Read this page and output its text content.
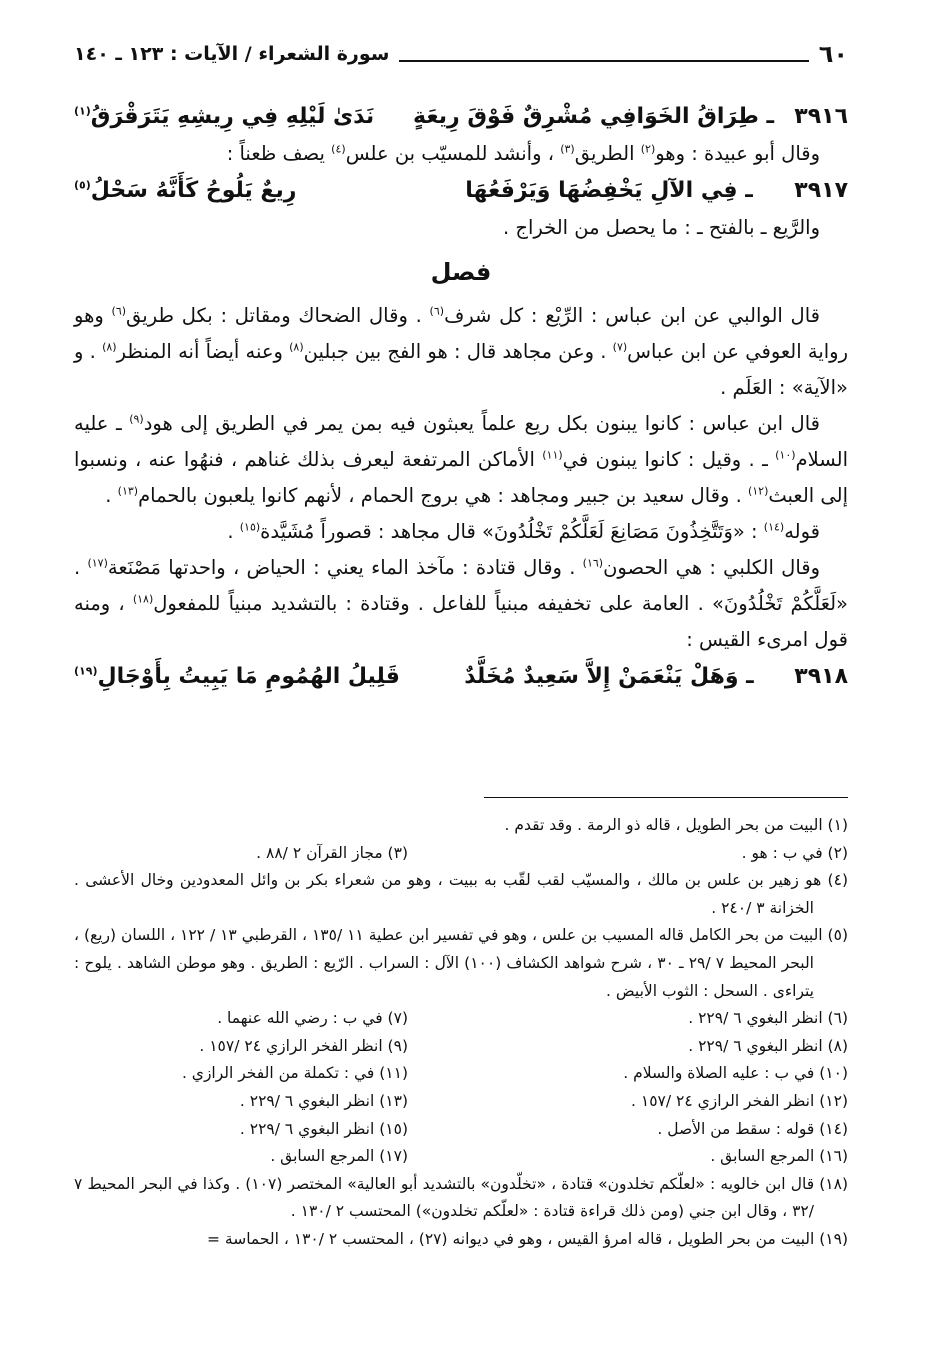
٦٠
سورة الشعراء / الآيات : ١٢٣ ـ ١٤٠
٣٩١٦
ـ طِرَاقُ الخَوَافِي مُشْرِقٌ فَوْقَ رِيعَةٍ
نَدَىٰ لَيْلِهِ فِي رِيشِهِ يَتَرَقْرَقُ$^{(١)}$

وقال أبو عبيدة : وهو$^{(٢)}$ الطريق$^{(٣)}$ ، وأنشد للمسيّب بن علس$^{(٤)}$ يصف ظعناً :

٣٩١٧
ـ فِي الآلِ يَخْفِضُهَا وَيَرْفَعُهَا
رِيعٌ يَلُوحُ كَأَنَّهُ سَحْلُ$^{(٥)}$

والرَّيع ـ بالفتح ـ : ما يحصل من الخراج .

فصل

قال الوالبي عن ابن عباس : الرِّيْع : كل شرف$^{(٦)}$ . وقال الضحاك ومقاتل : بكل طريق$^{(٦)}$ وهو رواية العوفي عن ابن عباس$^{(٧)}$ . وعن مجاهد قال : هو الفج بين جبلين$^{(٨)}$ وعنه أيضاً أنه المنظر$^{(٨)}$ . و «الآية» : العَلَم .

قال ابن عباس : كانوا يبنون بكل ريع علماً يعبثون فيه بمن يمر في الطريق إلى هود$^{(٩)}$ ـ عليه السلام$^{(١٠)}$ ـ . وقيل : كانوا يبنون في$^{(١١)}$ الأماكن المرتفعة ليعرف بذلك غناهم ، فنهُوا عنه ، ونسبوا إلى العبث$^{(١٢)}$ . وقال سعيد بن جبير ومجاهد : هي بروج الحمام ، لأنهم كانوا يلعبون بالحمام$^{(١٣)}$ .

قوله$^{(١٤)}$ : «وَتَتَّخِذُونَ مَصَانِعَ لَعَلَّكُمْ تَخْلُدُونَ» قال مجاهد : قصوراً مُشَيَّدة$^{(١٥)}$ .

وقال الكلبي : هي الحصون$^{(١٦)}$ . وقال قتادة : مآخذ الماء يعني : الحياض ، واحدتها مَصْنَعة$^{(١٧)}$ . «لَعَلَّكُمْ تَخْلُدُونَ» . العامة على تخفيفه مبنياً للفاعل . وقتادة : بالتشديد مبنياً للمفعول$^{(١٨)}$ ، ومنه قول امرىء القيس :

٣٩١٨
ـ وَهَلْ يَنْعَمَنْ إِلاَّ سَعِيدٌ مُخَلَّدٌ
قَلِيلُ الهُمُومِ مَا يَبِيتُ بِأَوْجَالِ$^{(١٩)}$

(١) البيت من بحر الطويل ، قاله ذو الرمة . وقد تقدم .

(٢) في ب : هو .
(٣) مجاز القرآن ٢ /٨٨ .

(٤) هو زهير بن علس بن مالك ، والمسيّب لقب لقّب به ببيت ، وهو من شعراء بكر بن وائل المعدودين وخال الأعشى . الخزانة ٣ /٢٤٠ .

(٥) البيت من بحر الكامل قاله المسيب بن علس ، وهو في تفسير ابن عطية ١١ /١٣٥ ، القرطبي ١٣ / ١٢٢ ، اللسان (ريع) ، البحر المحيط ٧ /٢٩ ـ ٣٠ ، شرح شواهد الكشاف (١٠٠) الآل : السراب . الرّيع : الطريق . وهو موطن الشاهد . يلوح : يتراءى . السحل : الثوب الأبيض .

(٦) انظر البغوي ٦ /٢٢٩ .
(٧) في ب : رضي الله عنهما .
(٨) انظر البغوي ٦ /٢٢٩ .
(٩) انظر الفخر الرازي ٢٤ /١٥٧ .
(١٠) في ب : عليه الصلاة والسلام .
(١١) في : تكملة من الفخر الرازي .
(١٢) انظر الفخر الرازي ٢٤ /١٥٧ .
(١٣) انظر البغوي ٦ /٢٢٩ .
(١٤) قوله : سقط من الأصل .
(١٥) انظر البغوي ٦ /٢٢٩ .
(١٦) المرجع السابق .
(١٧) المرجع السابق .

(١٨) قال ابن خالويه : «لعلّكم تخلدون» قتادة ، «تخلّدون» بالتشديد أبو العالية» المختصر (١٠٧) . وكذا في البحر المحيط ٧ /٣٢ ، وقال ابن جني (ومن ذلك قراءة قتادة : «لعلّكم تخلدون») المحتسب ٢ /١٣٠ .

(١٩) البيت من بحر الطويل ، قاله امرؤ القيس ، وهو في ديوانه (٢٧) ، المحتسب ٢ /١٣٠ ، الحماسة =
